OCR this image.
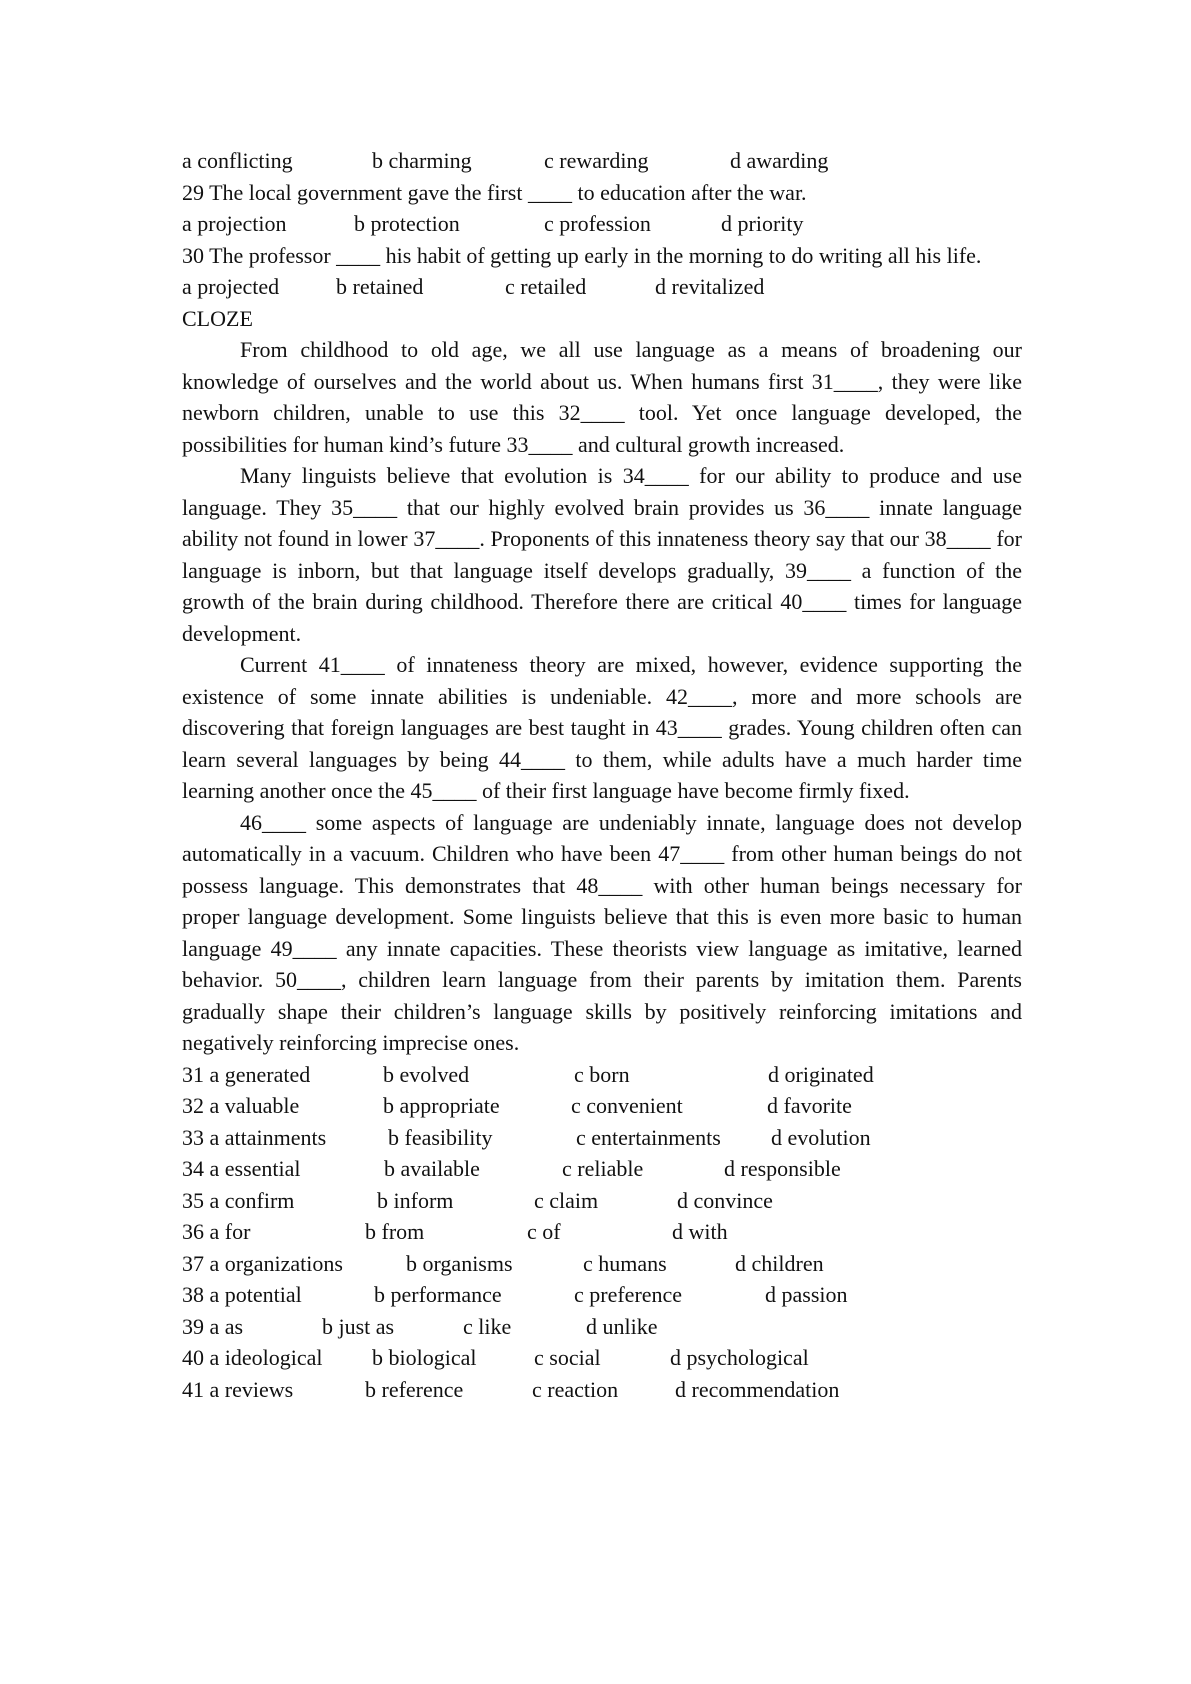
a conflicting	b charming	c rewarding	d awarding
29 The local government gave the first ____ to education after the war.
a projection	b protection	c profession	d priority

30 The professor ____ his habit of getting up early in the morning to do writing all his life.

a projected	b retained	c retailed	d revitalized
CLOZE

From childhood to old age, we all use language as a means of broadening our knowledge of ourselves and the world about us. When humans first 31____, they were like newborn children, unable to use this 32____ tool. Yet once language developed, the possibilities for human kind’s future 33____ and cultural growth increased.

Many linguists believe that evolution is 34____ for our ability to produce and use language. They 35____ that our highly evolved brain provides us 36____ innate language ability not found in lower 37____. Proponents of this innateness theory say that our 38____ for language is inborn, but that language itself develops gradually, 39____ a function of the growth of the brain during childhood. Therefore there are critical 40____ times for language development.

Current 41____ of innateness theory are mixed, however, evidence supporting the existence of some innate abilities is undeniable. 42____, more and more schools are discovering that foreign languages are best taught in 43____ grades. Young children often can learn several languages by being 44____ to them, while adults have a much harder time learning another once the 45____ of their first language have become firmly fixed.

46____ some aspects of language are undeniably innate, language does not develop automatically in a vacuum. Children who have been 47____ from other human beings do not possess language. This demonstrates that 48____ with other human beings necessary for proper language development. Some linguists believe that this is even more basic to human language 49____ any innate capacities. These theorists view language as imitative, learned behavior. 50____, children learn language from their parents by imitation them. Parents gradually shape their children’s language skills by positively reinforcing imitations and negatively reinforcing imprecise ones.

31 a generated	b evolved	c born	d originated
32 a valuable	b appropriate	c convenient	d favorite
33 a attainments	b feasibility	c entertainments d evolution
34 a essential	b available	c reliable	d responsible
35 a confirm	b inform	c claim	d convince
36 a for	b from	c of	d with
37 a organizations	b organisms	c humans	d children
38 a potential	b performance	c preference	d passion
39 a as	b just as	c like	d unlike
40 a ideological b biological	c social	d psychological
41 a reviews	b reference	c reaction	d recommendation
